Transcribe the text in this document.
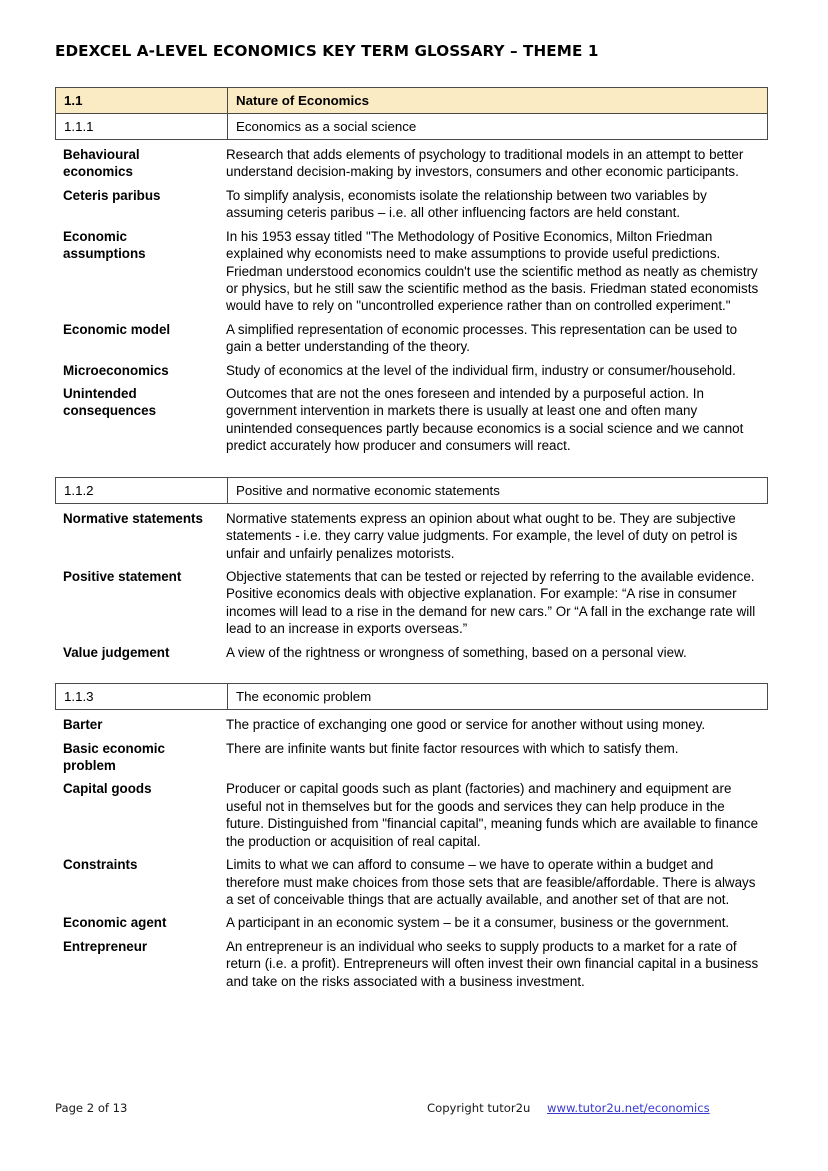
EDEXCEL A-LEVEL ECONOMICS KEY TERM GLOSSARY – THEME 1
1.1	Nature of Economics
1.1.1	Economics as a social science
Behavioural economics	Research that adds elements of psychology to traditional models in an attempt to better understand decision-making by investors, consumers and other economic participants.
Ceteris paribus	To simplify analysis, economists isolate the relationship between two variables by assuming ceteris paribus – i.e. all other influencing factors are held constant.
Economic assumptions	In his 1953 essay titled "The Methodology of Positive Economics, Milton Friedman explained why economists need to make assumptions to provide useful predictions. Friedman understood economics couldn't use the scientific method as neatly as chemistry or physics, but he still saw the scientific method as the basis. Friedman stated economists would have to rely on "uncontrolled experience rather than on controlled experiment."
Economic model	A simplified representation of economic processes. This representation can be used to gain a better understanding of the theory.
Microeconomics	Study of economics at the level of the individual firm, industry or consumer/household.
Unintended consequences	Outcomes that are not the ones foreseen and intended by a purposeful action. In government intervention in markets there is usually at least one and often many unintended consequences partly because economics is a social science and we cannot predict accurately how producer and consumers will react.
1.1.2	Positive and normative economic statements
Normative statements	Normative statements express an opinion about what ought to be. They are subjective statements - i.e. they carry value judgments. For example, the level of duty on petrol is unfair and unfairly penalizes motorists.
Positive statement	Objective statements that can be tested or rejected by referring to the available evidence. Positive economics deals with objective explanation. For example: “A rise in consumer incomes will lead to a rise in the demand for new cars.” Or “A fall in the exchange rate will lead to an increase in exports overseas.”
Value judgement	A view of the rightness or wrongness of something, based on a personal view.
1.1.3	The economic problem
Barter	The practice of exchanging one good or service for another without using money.
Basic economic problem	There are infinite wants but finite factor resources with which to satisfy them.
Capital goods	Producer or capital goods such as plant (factories) and machinery and equipment are useful not in themselves but for the goods and services they can help produce in the future. Distinguished from "financial capital", meaning funds which are available to finance the production or acquisition of real capital.
Constraints	Limits to what we can afford to consume – we have to operate within a budget and therefore must make choices from those sets that are feasible/affordable. There is always a set of conceivable things that are actually available, and another set of that are not.
Economic agent	A participant in an economic system – be it a consumer, business or the government.
Entrepreneur	An entrepreneur is an individual who seeks to supply products to a market for a rate of return (i.e. a profit). Entrepreneurs will often invest their own financial capital in a business and take on the risks associated with a business investment.
Page 2 of 13	Copyright tutor2u www.tutor2u.net/economics
